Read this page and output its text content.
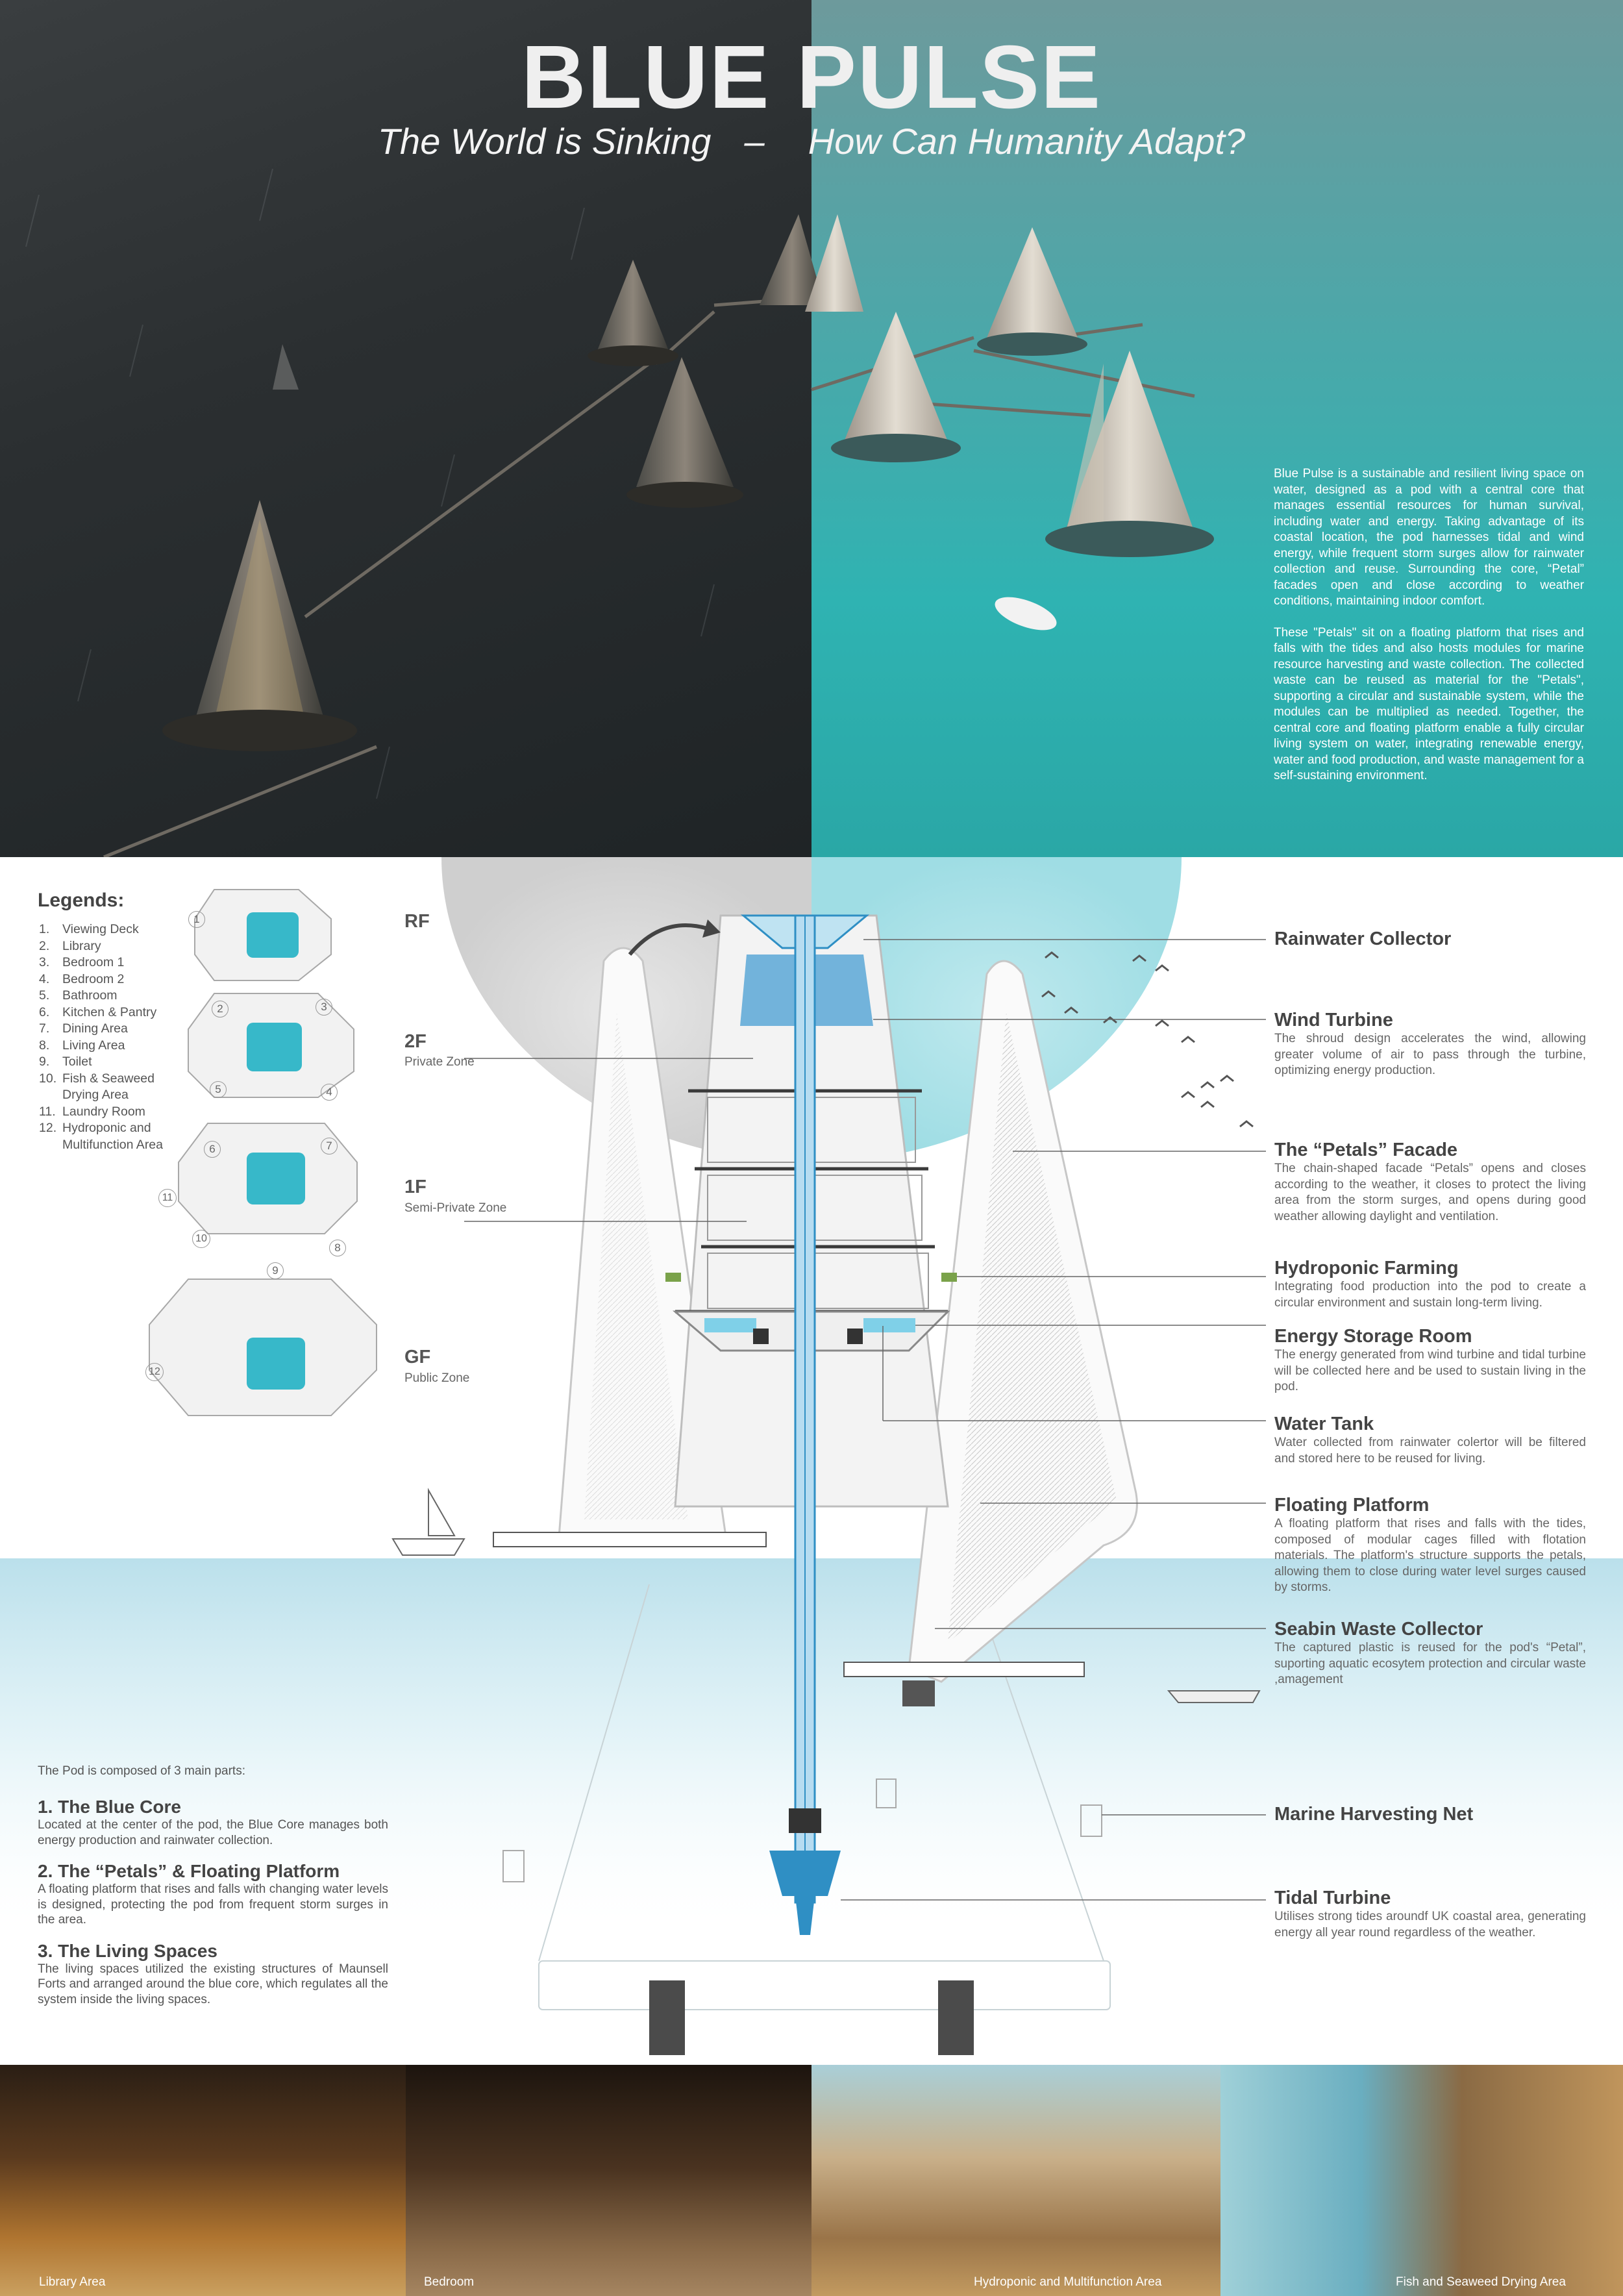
BLUE PULSE
The World is Sinking – How Can Humanity Adapt?

Blue Pulse is a sustainable and resilient living space on water, designed as a pod with a central core that manages essential resources for human survival, including water and energy. Taking advantage of its coastal location, the pod harnesses tidal and wind energy, while frequent storm surges allow for rainwater collection and reuse. Surrounding the core, “Petal” facades open and close according to weather conditions, maintaining indoor comfort.

These "Petals" sit on a floating platform that rises and falls with the tides and also hosts modules for marine resource harvesting and waste collection. The collected waste can be reused as material for the "Petals", supporting a circular and sustainable system, while the modules can be multiplied as needed. Together, the central core and floating platform enable a fully circular living system on water, integrating renewable energy, water and food production, and waste management for a self-sustaining environment.

Legends:
1.	Viewing Deck
2.	Library
3.	Bedroom 1
4.	Bedroom 2
5.	Bathroom
6.	Kitchen & Pantry
7.	Dining Area
8.	Living Area
9.	Toilet
10. Fish & Seaweed Drying Area
11. Laundry Room
12. Hydroponic and Multifunction Area
1
2	3
4
5
6	7
8
9
10
11
12
RF
2F
Private Zone
1F
Semi-Private Zone
GF
Public Zone
Rainwater Collector
Wind Turbine
The shroud design accelerates the wind, allowing greater volume of air to pass through the turbine, optimizing energy production.
The “Petals” Facade
The chain-shaped facade “Petals” opens and closes according to the weather, it closes to protect the living area from the storm surges, and opens during good weather allowing daylight and ventilation.
Hydroponic Farming
Integrating food production into the pod to create a circular environment and sustain long-term living.
Energy Storage Room
The energy generated from wind turbine and tidal turbine will be collected here and be used to sustain living in the pod.
Water Tank
Water collected from rainwater colertor will be filtered and stored here to be reused for living.
Floating Platform
A floating platform that rises and falls with the tides, composed of modular cages filled with flotation materials. The platform's structure supports the petals, allowing them to close during water level surges caused by storms.
Seabin Waste Collector
The captured plastic is reused for the pod's “Petal”, suporting aquatic ecosytem protection and circular waste ,amagement
Marine Harvesting Net
Tidal Turbine
Utilises strong tides aroundf UK coastal area, generating energy all year round regardless of the weather.
The Pod is composed of 3 main parts:
1. The Blue Core
Located at the center of the pod, the Blue Core manages both energy production and rainwater collection.
2. The “Petals” & Floating Platform
A floating platform that rises and falls with changing water levels is designed, protecting the pod from frequent storm surges in the area.
3. The Living Spaces
The living spaces utilized the existing structures of Maunsell Forts and arranged around the blue core, which regulates all the system inside the living spaces.
Library Area	Bedroom	Hydroponic and Multifunction Area	Fish and Seaweed Drying Area
